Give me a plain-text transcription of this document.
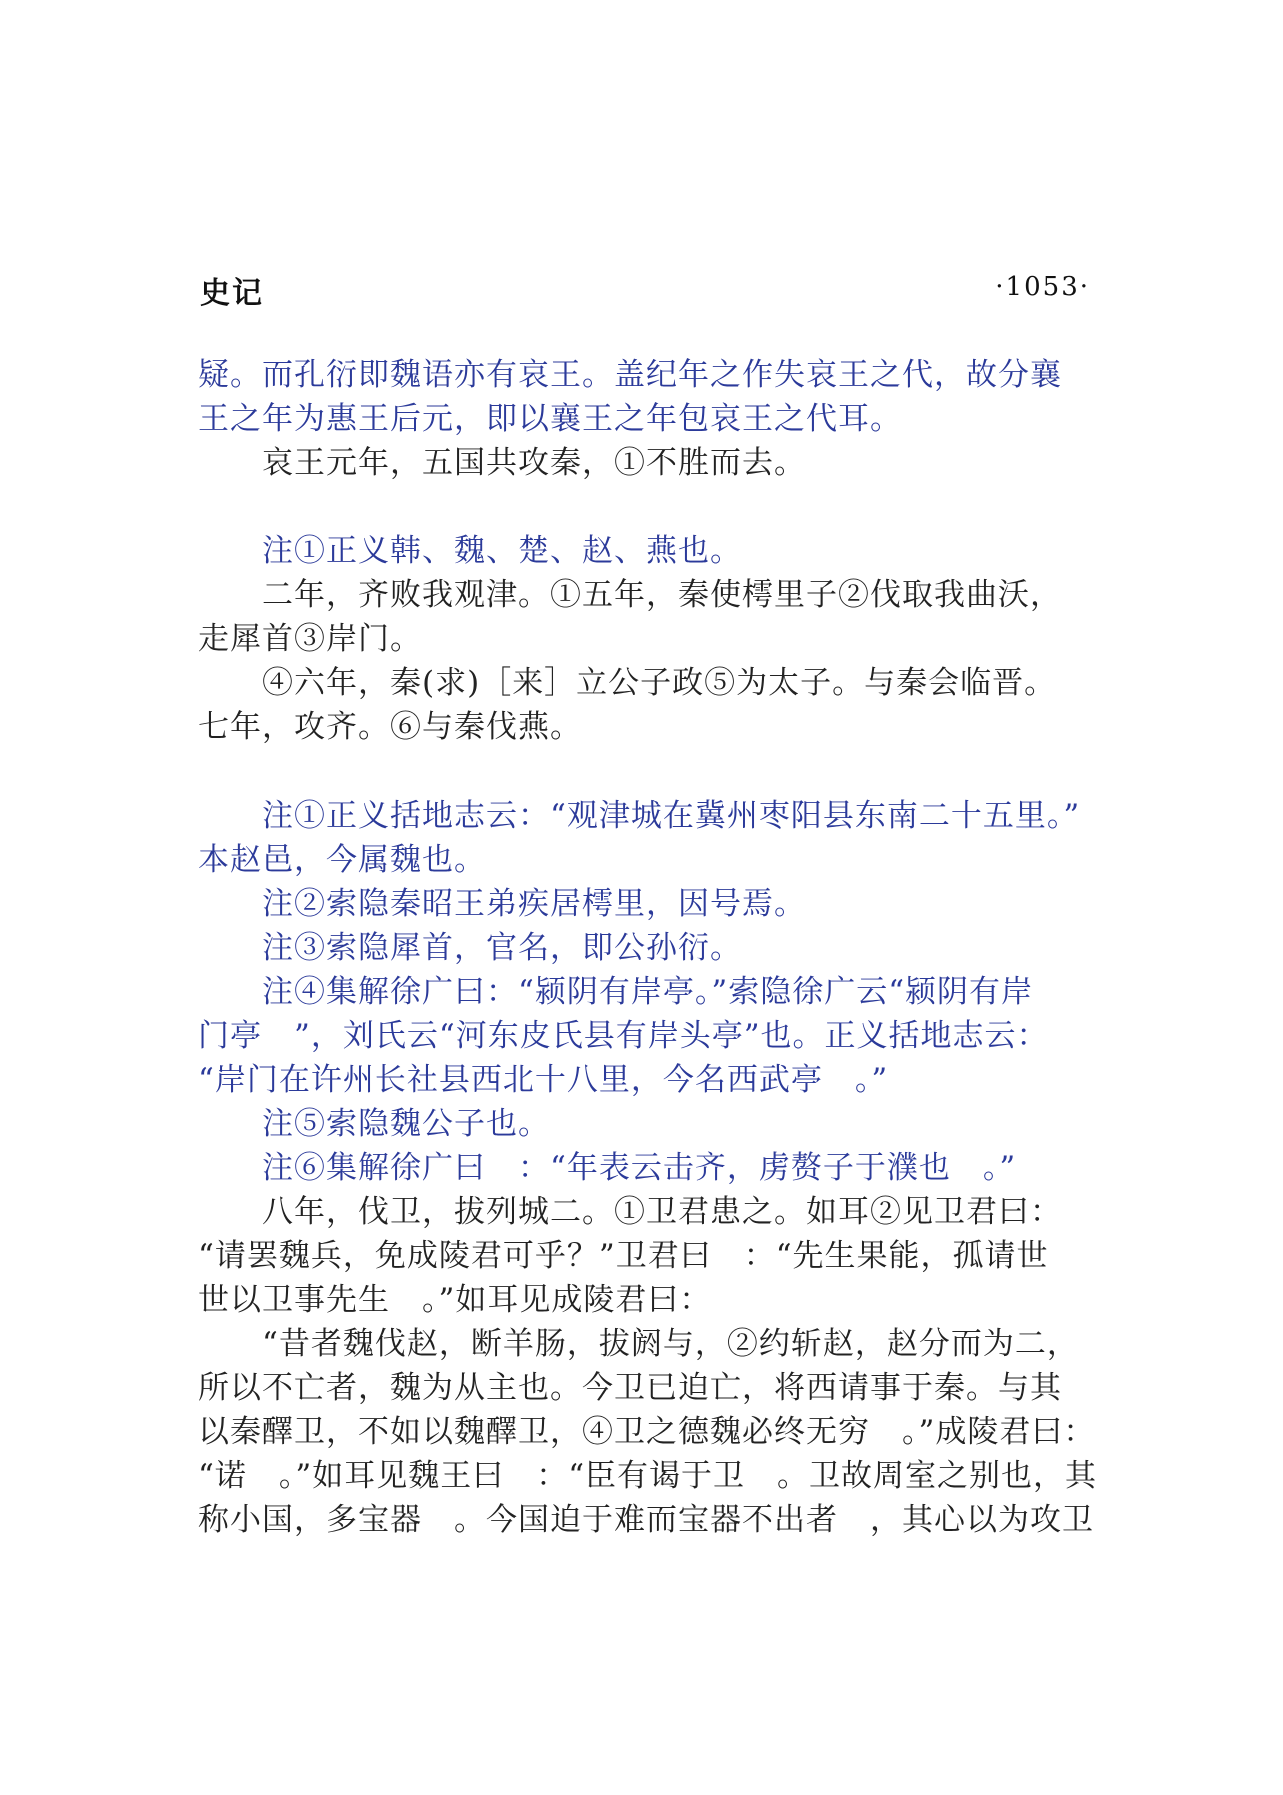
史记	·1053·
疑。而孔衍即魏语亦有哀王。盖纪年之作失哀王之代，故分襄
王之年为惠王后元，即以襄王之年包哀王之代耳。
　　哀王元年，五国共攻秦，①不胜而去。
　　注①正义韩、魏、楚、赵、燕也。
　　二年，齐败我观津。①五年，秦使樗里子②伐取我曲沃，
走犀首③岸门。
　　④六年，秦(求)［来］立公子政⑤为太子。与秦会临晋。
七年，攻齐。⑥与秦伐燕。
　　注①正义括地志云：“观津城在冀州枣阳县东南二十五里。”
本赵邑，今属魏也。
　　注②索隐秦昭王弟疾居樗里，因号焉。
　　注③索隐犀首，官名，即公孙衍。
　　注④集解徐广曰：“颍阴有岸亭。”索隐徐广云“颍阴有岸
门亭　”，刘氏云“河东皮氏县有岸头亭”也。正义括地志云：
“岸门在许州长社县西北十八里，今名西武亭　。”
　　注⑤索隐魏公子也。
　　注⑥集解徐广曰　：“年表云击齐，虏赘子于濮也　。”
　　八年，伐卫，拔列城二。①卫君患之。如耳②见卫君曰：
“请罢魏兵，免成陵君可乎？”卫君曰　：“先生果能，孤请世
世以卫事先生　。”如耳见成陵君曰：
　　“昔者魏伐赵，断羊肠，拔阏与，②约斩赵，赵分而为二，
所以不亡者，魏为从主也。今卫已迫亡，将西请事于秦。与其
以秦醳卫，不如以魏醳卫，④卫之德魏必终无穷　。”成陵君曰：
“诺　。”如耳见魏王曰　：“臣有谒于卫　。卫故周室之别也，其
称小国，多宝器　。今国迫于难而宝器不出者　，其心以为攻卫
